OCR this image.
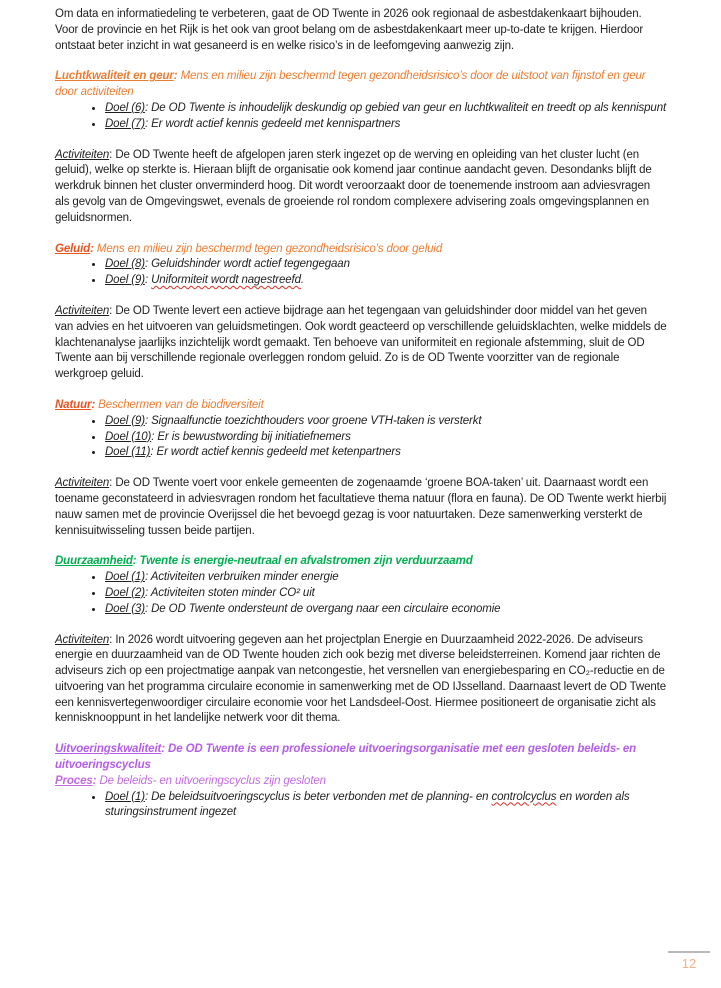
Om data en informatiedeling te verbeteren, gaat de OD Twente in 2026 ook regionaal de asbestdakenkaart bijhouden. Voor de provincie en het Rijk is het ook van groot belang om de asbestdakenkaart meer up-to-date te krijgen. Hierdoor ontstaat beter inzicht in wat gesaneerd is en welke risico’s in de leefomgeving aanwezig zijn.

Luchtkwaliteit en geur: Mens en milieu zijn beschermd tegen gezondheidsrisico’s door de uitstoot van fijnstof en geur door activiteiten

• Doel (6): De OD Twente is inhoudelijk deskundig op gebied van geur en luchtkwaliteit en treedt op als kennispunt
• Doel (7): Er wordt actief kennis gedeeld met kennispartners

Activiteiten: De OD Twente heeft de afgelopen jaren sterk ingezet op de werving en opleiding van het cluster lucht (en geluid), welke op sterkte is. Hieraan blijft de organisatie ook komend jaar continue aandacht geven. Desondanks blijft de werkdruk binnen het cluster onverminderd hoog. Dit wordt veroorzaakt door de toenemende instroom aan adviesvragen als gevolg van de Omgevingswet, evenals de groeiende rol rondom complexere advisering zoals omgevingsplannen en geluidsnormen.

Geluid: Mens en milieu zijn beschermd tegen gezondheidsrisico’s door geluid

• Doel (8): Geluidshinder wordt actief tegengegaan
• Doel (9): Uniformiteit wordt nagestreefd.

Activiteiten: De OD Twente levert een actieve bijdrage aan het tegengaan van geluidshinder door middel van het geven van advies en het uitvoeren van geluidsmetingen. Ook wordt geacteerd op verschillende geluidsklachten, welke middels de klachtenanalyse jaarlijks inzichtelijk wordt gemaakt. Ten behoeve van uniformiteit en regionale afstemming, sluit de OD Twente aan bij verschillende regionale overleggen rondom geluid. Zo is de OD Twente voorzitter van de regionale werkgroep geluid.

Natuur: Beschermen van de biodiversiteit

• Doel (9): Signaalfunctie toezichthouders voor groene VTH-taken is versterkt
• Doel (10): Er is bewustwording bij initiatiefnemers
• Doel (11): Er wordt actief kennis gedeeld met ketenpartners

Activiteiten: De OD Twente voert voor enkele gemeenten de zogenaamde ‘groene BOA-taken’ uit. Daarnaast wordt een toename geconstateerd in adviesvragen rondom het facultatieve thema natuur (flora en fauna). De OD Twente werkt hierbij nauw samen met de provincie Overijssel die het bevoegd gezag is voor natuurtaken. Deze samenwerking versterkt de kennisuitwisseling tussen beide partijen.

Duurzaamheid: Twente is energie-neutraal en afvalstromen zijn verduurzaamd

• Doel (1): Activiteiten verbruiken minder energie
• Doel (2): Activiteiten stoten minder CO² uit
• Doel (3): De OD Twente ondersteunt de overgang naar een circulaire economie

Activiteiten: In 2026 wordt uitvoering gegeven aan het projectplan Energie en Duurzaamheid 2022-2026. De adviseurs energie en duurzaamheid van de OD Twente houden zich ook bezig met diverse beleidsterreinen. Komend jaar richten de adviseurs zich op een projectmatige aanpak van netcongestie, het versnellen van energiebesparing en CO₂-reductie en de uitvoering van het programma circulaire economie in samenwerking met de OD IJsselland. Daarnaast levert de OD Twente een kennisvertegenwoordiger circulaire economie voor het Landsdeel-Oost. Hiermee positioneert de organisatie zicht als kennisknooppunt in het landelijke netwerk voor dit thema.

Uitvoeringskwaliteit: De OD Twente is een professionele uitvoeringsorganisatie met een gesloten beleids- en uitvoeringscyclus

Proces: De beleids- en uitvoeringscyclus zijn gesloten

• Doel (1): De beleidsuitvoeringscyclus is beter verbonden met de planning- en controlcyclus en worden als sturingsinstrument ingezet
12
